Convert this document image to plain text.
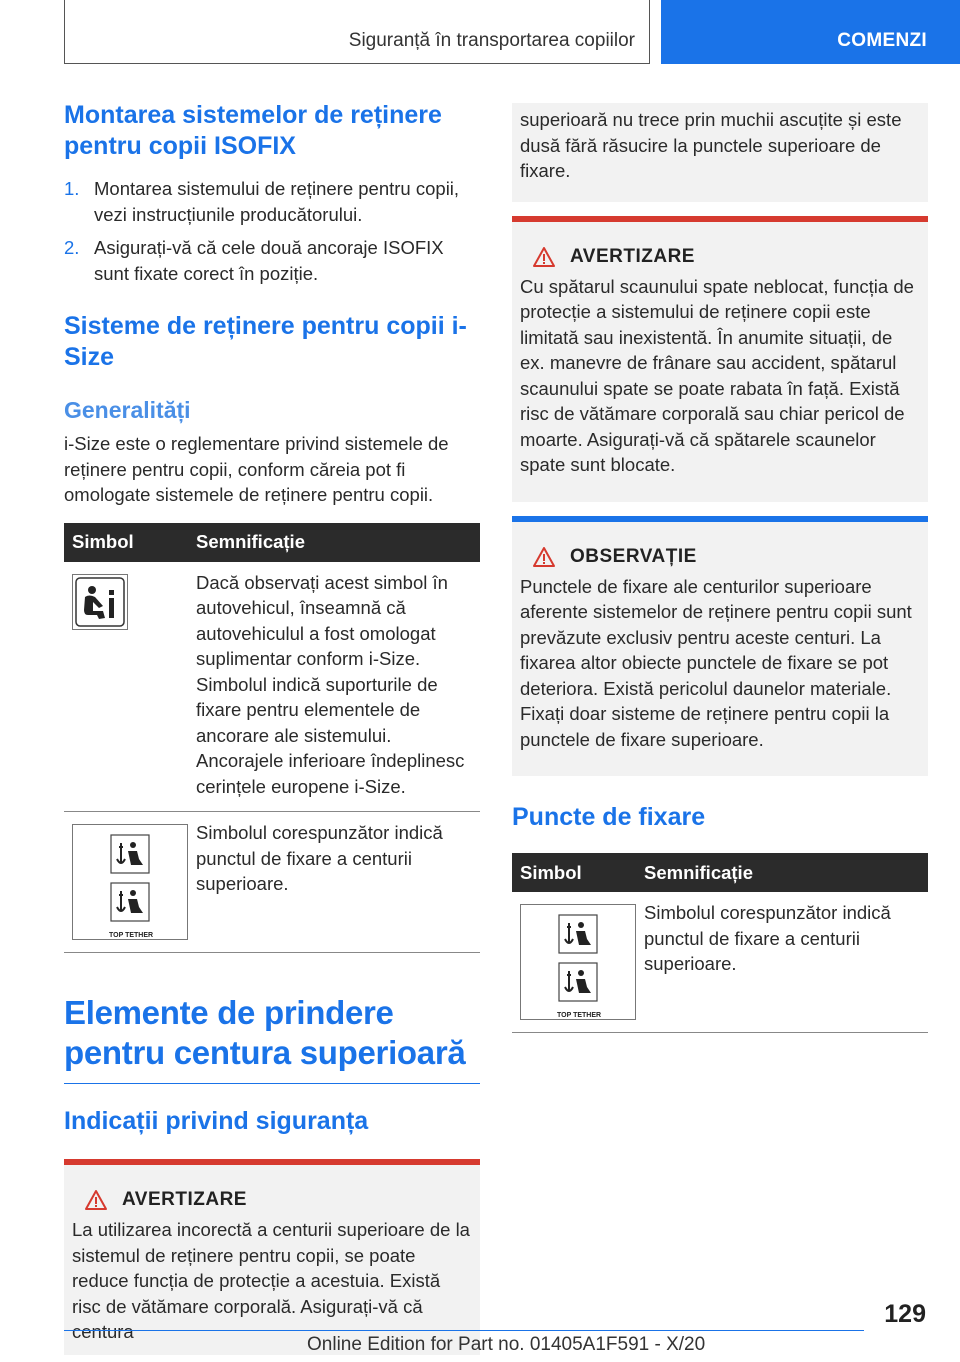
Siguranță în transportarea copiilor	COMENZI
Montarea sistemelor de reținere pentru copii ISOFIX
1. Montarea sistemului de reținere pentru copii, vezi instrucțiunile producătorului.
2. Asigurați-vă că cele două ancoraje ISOFIX sunt fixate corect în poziție.
Sisteme de reținere pentru copii i-Size
Generalități

i-Size este o reglementare privind sistemele de reținere pentru copii, conform căreia pot fi omologate sistemele de reținere pentru copii.

Simbol	Semnificație

	Dacă observați acest simbol în autovehicul, înseamnă că autovehiculul a fost omologat suplimentar conform i-Size. Simbolul indică suporturile de fixare pentru elementele de ancorare ale sistemului. Ancorajele inferioare îndeplinesc cerințele europene i-Size.

TOP TETHER	Simbolul corespunzător indică punctul de fixare a centurii superioare.
Elemente de prindere pentru centura superioară
Indicații privind siguranța
AVERTIZARE

La utilizarea incorectă a centurii superioare de la sistemul de reținere pentru copii, se poate reduce funcția de protecție a acestuia. Există risc de vătămare corporală. Asigurați-vă că centura

superioară nu trece prin muchii ascuțite și este dusă fără răsucire la punctele superioare de fixare.

AVERTIZARE

Cu spătarul scaunului spate neblocat, funcția de protecție a sistemului de reținere copii este limitată sau inexistentă. În anumite situații, de ex. manevre de frânare sau accident, spătarul scaunului spate se poate rabata în față. Există risc de vătămare corporală sau chiar pericol de moarte. Asigurați-vă că spătarele scaunelor spate sunt blocate.

OBSERVAȚIE

Punctele de fixare ale centurilor superioare aferente sistemelor de reținere pentru copii sunt prevăzute exclusiv pentru aceste centuri. La fixarea altor obiecte punctele de fixare se pot deteriora. Există pericolul daunelor materiale. Fixați doar sisteme de reținere pentru copii la punctele de fixare superioare.

Puncte de fixare
Simbol	Semnificație

TOP TETHER	Simbolul corespunzător indică punctul de fixare a centurii superioare.
129
Online Edition for Part no. 01405A1F591 - X/20
